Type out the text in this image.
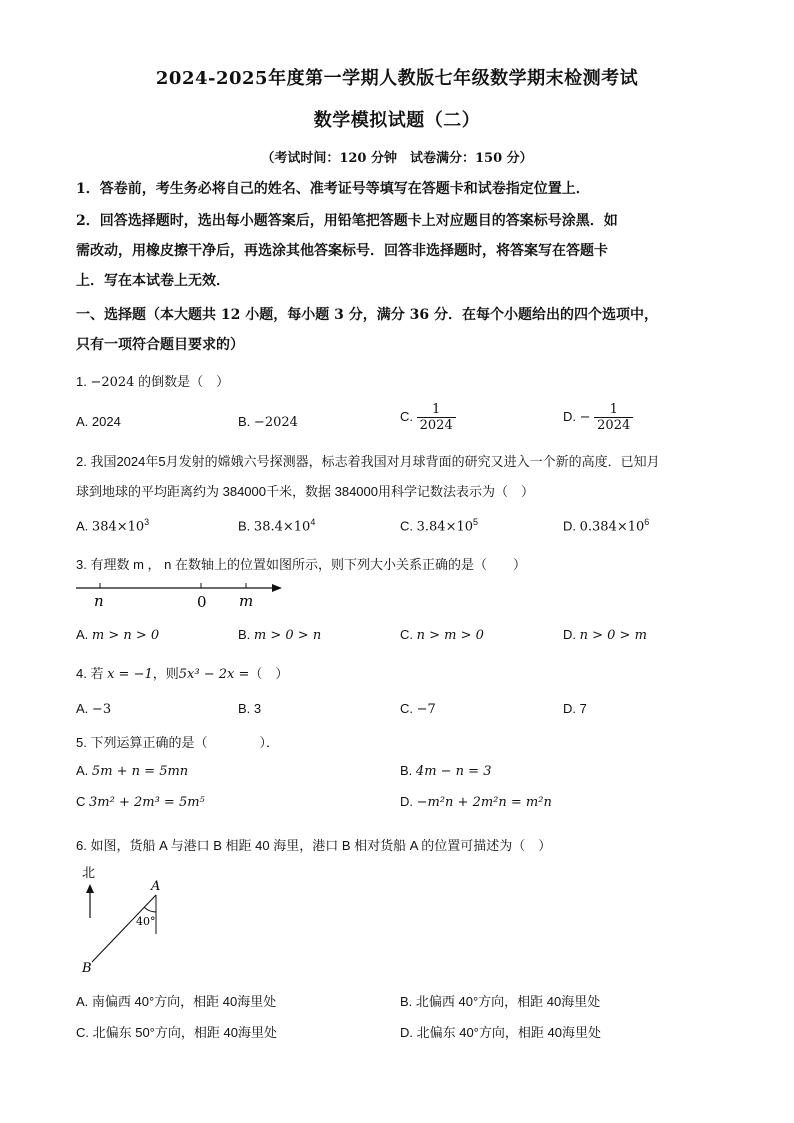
2024-2025年度第一学期人教版七年级数学期末检测考试
数学模拟试题（二）
（考试时间：120 分钟　试卷满分：150 分）
1．答卷前，考生务必将自己的姓名、准考证号等填写在答题卡和试卷指定位置上．
2．回答选择题时，选出每小题答案后，用铅笔把答题卡上对应题目的答案标号涂黑．如
需改动，用橡皮擦干净后，再选涂其他答案标号．回答非选择题时，将答案写在答题卡
上．写在本试卷上无效．
一、选择题（本大题共 12 小题，每小题 3 分，满分 36 分．在每个小题给出的四个选项中，
只有一项符合题目要求的）
1. −2024 的倒数是（　）
A. 2024	B. −2024	C. $\frac{1}{2024}$	D. − $\frac{1}{2024}$
2. 我国2024年5月发射的嫦娥六号探测器，标志着我国对月球背面的研究又进入一个新的高度．已知月
球到地球的平均距离约为 384000千米，数据 384000用科学记数法表示为（　）
A. $384\times 10^3$	B. $38.4\times 10^4$	C. $3.84\times 10^5$	D. $0.384\times 10^6$
3. 有理数 m ， n 在数轴上的位置如图所示，则下列大小关系正确的是（　　）
n	0 m
A. m > n > 0	B. m > 0 > n	C. n > m > 0	D. n > 0 > m
4. 若 x = −1，则5x³ − 2x =（　）
A. −3	B. 3	C. −7	D. 7
5. 下列运算正确的是（　　　　）．
A. 5m + n = 5mn	B. 4m − n = 3
C 3m² + 2m³ = 5m⁵	D. −m²n + 2m²n = m²n
6. 如图，货船 A 与港口 B 相距 40 海里，港口 B 相对货船 A 的位置可描述为（　）
北
A
40°
B
A. 南偏西 40°方向，相距 40海里处	B. 北偏西 40°方向，相距 40海里处
C. 北偏东 50°方向，相距 40海里处	D. 北偏东 40°方向，相距 40海里处
